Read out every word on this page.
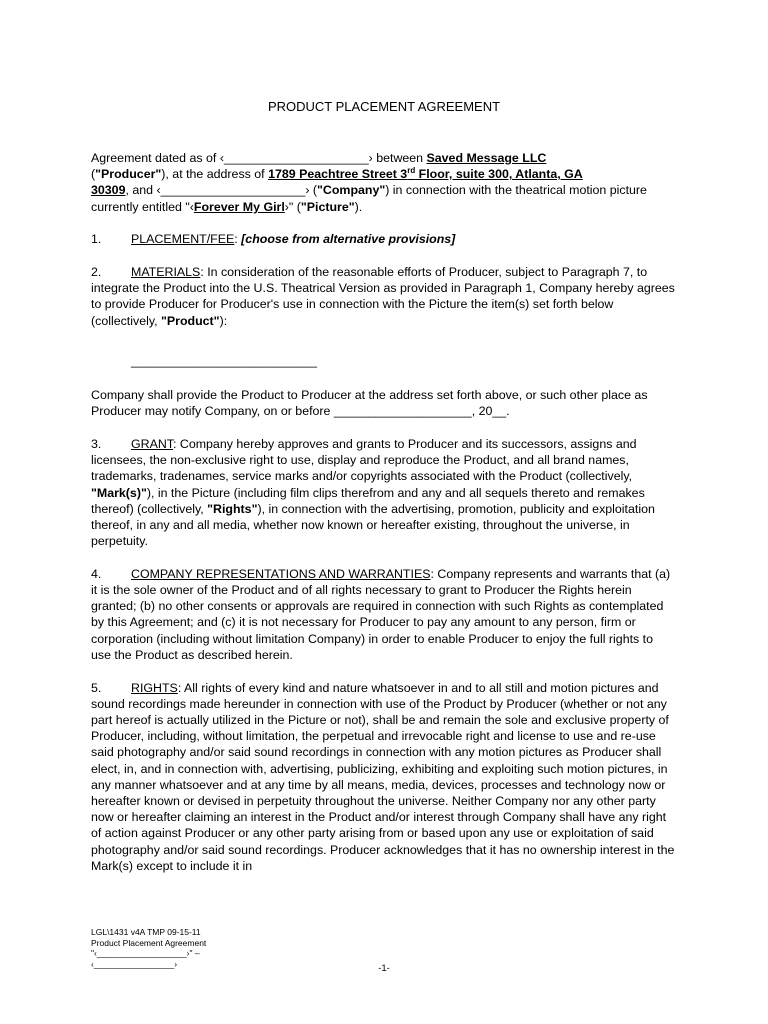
PRODUCT PLACEMENT AGREEMENT

Agreement dated as of ‹_____________________› between Saved Message LLC
("Producer"), at the address of 1789 Peachtree Street 3rd Floor, suite 300, Atlanta, GA
30309, and ‹_____________________› ("Company") in connection with the theatrical motion picture currently entitled "‹Forever My Girl›" ("Picture").

1. PLACEMENT/FEE: [choose from alternative provisions]

2. MATERIALS: In consideration of the reasonable efforts of Producer, subject to Paragraph 7, to integrate the Product into the U.S. Theatrical Version as provided in Paragraph 1, Company hereby agrees to provide Producer for Producer's use in connection with the Picture the item(s) set forth below (collectively, "Product"):

___________________________

Company shall provide the Product to Producer at the address set forth above, or such other place as Producer may notify Company, on or before ____________________, 20__.

3. GRANT: Company hereby approves and grants to Producer and its successors, assigns and licensees, the non-exclusive right to use, display and reproduce the Product, and all brand names, trademarks, tradenames, service marks and/or copyrights associated with the Product (collectively, "Mark(s)"), in the Picture (including film clips therefrom and any and all sequels thereto and remakes thereof) (collectively, "Rights"), in connection with the advertising, promotion, publicity and exploitation thereof, in any and all media, whether now known or hereafter existing, throughout the universe, in perpetuity.

4. COMPANY REPRESENTATIONS AND WARRANTIES: Company represents and warrants that (a) it is the sole owner of the Product and of all rights necessary to grant to Producer the Rights herein granted; (b) no other consents or approvals are required in connection with such Rights as contemplated by this Agreement; and (c) it is not necessary for Producer to pay any amount to any person, firm or corporation (including without limitation Company) in order to enable Producer to enjoy the full rights to use the Product as described herein.

5. RIGHTS: All rights of every kind and nature whatsoever in and to all still and motion pictures and sound recordings made hereunder in connection with use of the Product by Producer (whether or not any part hereof is actually utilized in the Picture or not), shall be and remain the sole and exclusive property of Producer, including, without limitation, the perpetual and irrevocable right and license to use and re-use said photography and/or said sound recordings in connection with any motion pictures as Producer shall elect, in, and in connection with, advertising, publicizing, exhibiting and exploiting such motion pictures, in any manner whatsoever and at any time by all means, media, devices, processes and technology now or hereafter known or devised in perpetuity throughout the universe. Neither Company nor any other party now or hereafter claiming an interest in the Product and/or interest through Company shall have any right of action against Producer or any other party arising from or based upon any use or exploitation of said photography and/or said sound recordings. Producer acknowledges that it has no ownership interest in the Mark(s) except to include it in

LGL\1431 v4A TMP 09-15-11
Product Placement Agreement
"‹___________________›" –
‹_________________›	-1-
